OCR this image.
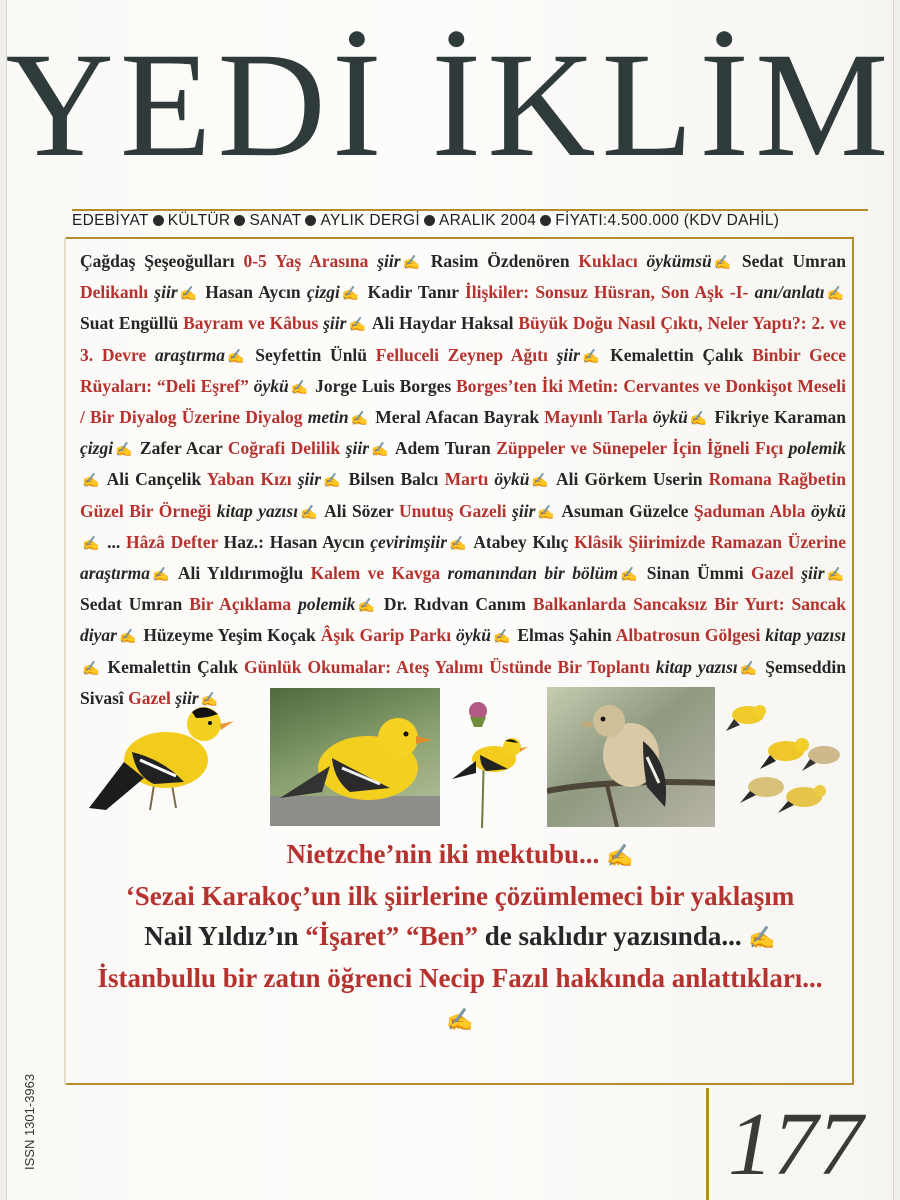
YEDİ İKLİM
EDEBİYAT KÜLTÜR SANAT AYLIK DERGİ ARALIK 2004 FİYATI:4.500.000 (KDV DAHİL)
Çağdaş Şeşeoğulları 0-5 Yaş Arasına şiir ✍ Rasim Özdenören Kuklacı öykümsü ✍ Sedat Umran Delikanlı şiir ✍ Hasan Aycın çizgi ✍ Kadir Tanır İlişkiler: Sonsuz Hüsran, Son Aşk -I- anı/anlatı ✍ Suat Engüllü Bayram ve Kâbus şiir ✍ Ali Haydar Haksal Büyük Doğu Nasıl Çıktı, Neler Yaptı?: 2. ve 3. Devre araştırma ✍ Seyfettin Ünlü Felluceli Zeynep Ağıtı şiir ✍ Kemalettin Çalık Binbir Gece Rüyaları: “Deli Eşref” öykü ✍ Jorge Luis Borges Borges’ten İki Metin: Cervantes ve Donkişot Meseli / Bir Diyalog Üzerine Diyalog metin ✍ Meral Afacan Bayrak Mayınlı Tarla öykü ✍ Fikriye Karaman çizgi ✍ Zafer Acar Coğrafi Delilik şiir ✍ Adem Turan Züppeler ve Sünepeler İçin İğneli Fıçı polemik✍ Ali Cançelik Yaban Kızı şiir ✍ Bilsen Balcı Martı öykü ✍ Ali Görkem Userin Romana Rağbetin Güzel Bir Örneği kitap yazısı ✍ Ali Sözer Unutuş Gazeli şiir ✍ Asuman Güzelce Şaduman Abla öykü✍ ... Hâzâ Defter Haz.: Hasan Aycın çevirimşiir ✍ Atabey Kılıç Klâsik Şiirimizde Ramazan Üzerine araştırma ✍ Ali Yıldırımoğlu Kalem ve Kavga romanından bir bölüm ✍ Sinan Ümmi Gazel şiir ✍ Sedat Umran Bir Açıklama polemik ✍ Dr. Rıdvan Canım Balkanlarda Sancaksız Bir Yurt: Sancak diyar ✍ Hüzeyme Yeşim Koçak Âşık Garip Parkı öykü ✍ Elmas Şahin Albatrosun Gölgesi kitap yazısı✍ Kemalettin Çalık Günlük Okumalar: Ateş Yalımı Üstünde Bir Toplantı kitap yazısı ✍ Şemseddin Sivasî Gazel şiir ✍
Nietzche’nin iki mektubu... ✍
‘Sezai Karakoç’un ilk şiirlerine çözümlemeci bir yaklaşım
Nail Yıldız’ın “İşaret” “Ben” de saklıdır yazısında... ✍
İstanbullu bir zatın öğrenci Necip Fazıl hakkında anlattıkları...✍
ISSN 1301-3963	177
